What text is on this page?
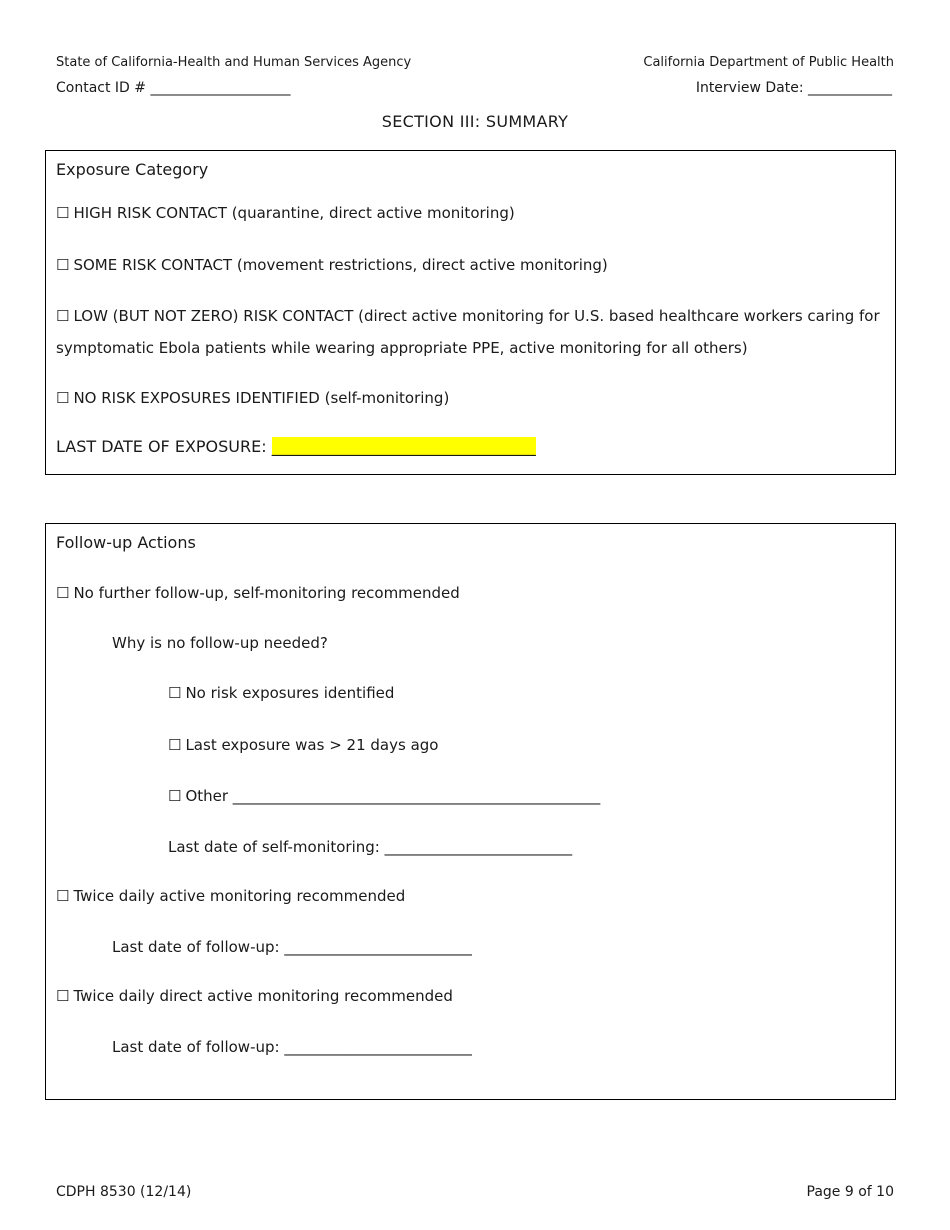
State of California-Health and Human Services Agency	California Department of Public Health
Contact ID # ____________________	Interview Date: ____________
SECTION III: SUMMARY
Exposure Category
☐ HIGH RISK CONTACT (quarantine, direct active monitoring)
☐ SOME RISK CONTACT (movement restrictions, direct active monitoring)
☐ LOW (BUT NOT ZERO) RISK CONTACT (direct active monitoring for U.S. based healthcare workers caring for symptomatic Ebola patients while wearing appropriate PPE, active monitoring for all others)
☐ NO RISK EXPOSURES IDENTIFIED (self-monitoring)
LAST DATE OF EXPOSURE: _________________________________
Follow-up Actions
☐ No further follow-up, self-monitoring recommended
Why is no follow-up needed?
☐ No risk exposures identified
☐ Last exposure was > 21 days ago
☐ Other _________________________________________________
Last date of self-monitoring: _________________________
☐ Twice daily active monitoring recommended
Last date of follow-up: _________________________
☐ Twice daily direct active monitoring recommended
Last date of follow-up: _________________________
CDPH 8530 (12/14)	Page 9 of 10
